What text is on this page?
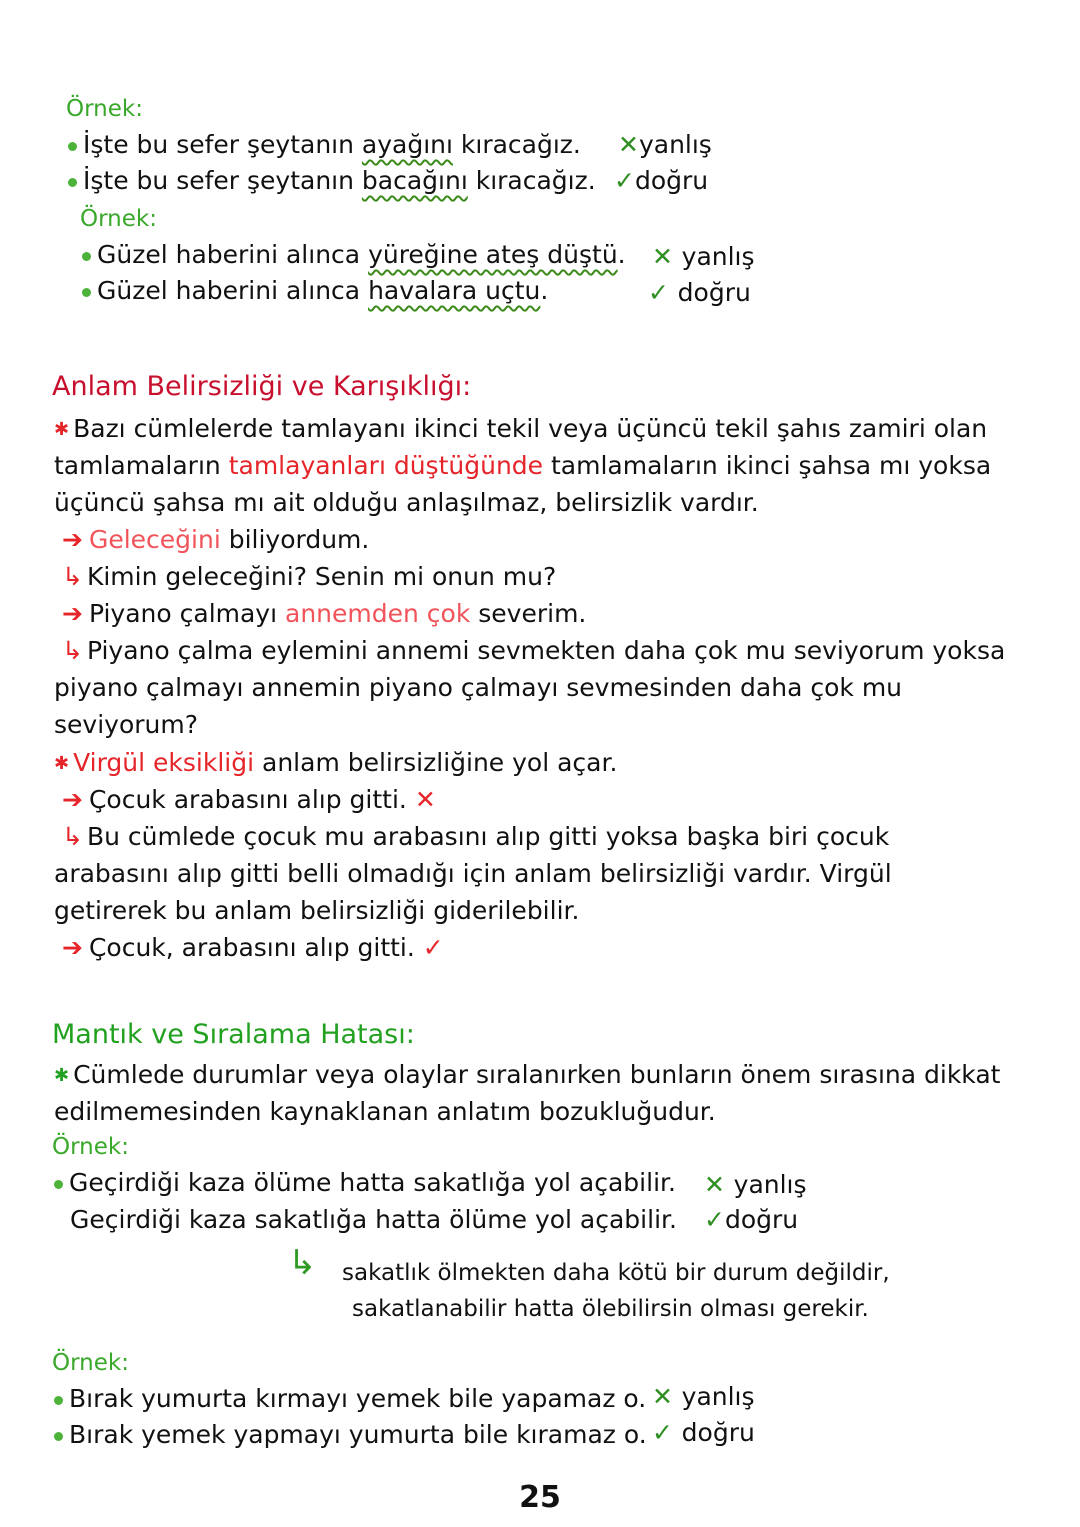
Örnek:
İşte bu sefer şeytanın ayağını kıracağız. ✕yanlış
İşte bu sefer şeytanın bacağını kıracağız. ✓doğru
Örnek:
Güzel haberini alınca yüreğine ateş düştü. ✕ yanlış
Güzel haberini alınca havalara uçtu.	✓ doğru
Anlam Belirsizliği ve Karışıklığı:
✱ Bazı cümlelerde tamlayanı ikinci tekil veya üçüncü tekil şahıs zamiri olan
tamlamaların tamlayanları düştüğünde tamlamaların ikinci şahsa mı yoksa
üçüncü şahsa mı ait olduğu anlaşılmaz, belirsizlik vardır.
➔ Geleceğini biliyordum.
↳ Kimin geleceğini? Senin mi onun mu?
➔ Piyano çalmayı annemden çok severim.
↳ Piyano çalma eylemini annemi sevmekten daha çok mu seviyorum yoksa
piyano çalmayı annemin piyano çalmayı sevmesinden daha çok mu
seviyorum?
✱ Virgül eksikliği anlam belirsizliğine yol açar.
➔ Çocuk arabasını alıp gitti. ✕
↳ Bu cümlede çocuk mu arabasını alıp gitti yoksa başka biri çocuk
arabasını alıp gitti belli olmadığı için anlam belirsizliği vardır. Virgül
getirerek bu anlam belirsizliği giderilebilir.
➔ Çocuk, arabasını alıp gitti. ✓
Mantık ve Sıralama Hatası:
✱ Cümlede durumlar veya olaylar sıralanırken bunların önem sırasına dikkat
edilmemesinden kaynaklanan anlatım bozukluğudur.
Örnek:
Geçirdiği kaza ölüme hatta sakatlığa yol açabilir. ✕ yanlış
Geçirdiği kaza sakatlığa hatta ölüme yol açabilir. ✓doğru
↳ sakatlık ölmekten daha kötü bir durum değildir,
sakatlanabilir hatta ölebilirsin olması gerekir.
Örnek:
Bırak yumurta kırmayı yemek bile yapamaz o. ✕ yanlış
Bırak yemek yapmayı yumurta bile kıramaz o. ✓ doğru
25
